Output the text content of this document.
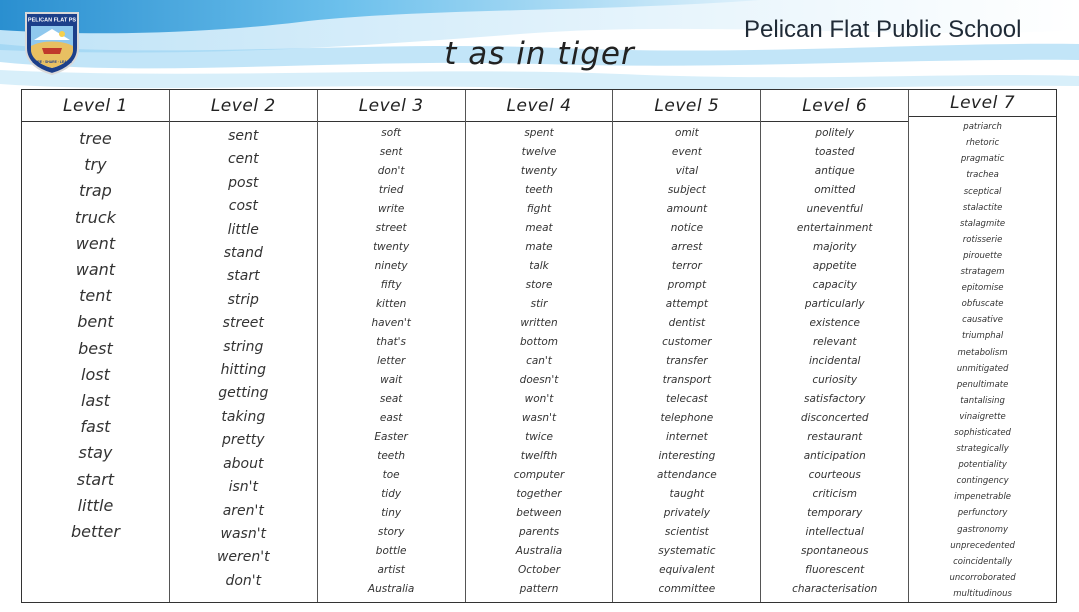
PELICAN FLAT PS
CARE · SHARE · LEARN
Pelican Flat Public School
t as in tiger
Level 1
tree
try
trap
truck
went
want
tent
bent
best
lost
last
fast
stay
start
little
better
Level 2
sent
cent
post
cost
little
stand
start
strip
street
string
hitting
getting
taking
pretty
about
isn't
aren't
wasn't
weren't
don't
Level 3
soft
sent
don't
tried
write
street
twenty
ninety
fifty
kitten
haven't
that's
letter
wait
seat
east
Easter
teeth
toe
tidy
tiny
story
bottle
artist
Australia
Level 4
spent
twelve
twenty
teeth
fight
meat
mate
talk
store
stir
written
bottom
can't
doesn't
won't
wasn't
twice
twelfth
computer
together
between
parents
Australia
October
pattern
Level 5
omit
event
vital
subject
amount
notice
arrest
terror
prompt
attempt
dentist
customer
transfer
transport
telecast
telephone
internet
interesting
attendance
taught
privately
scientist
systematic
equivalent
committee
Level 6
politely
toasted
antique
omitted
uneventful
entertainment
majority
appetite
capacity
particularly
existence
relevant
incidental
curiosity
satisfactory
disconcerted
restaurant
anticipation
courteous
criticism
temporary
intellectual
spontaneous
fluorescent
characterisation
Level 7
patriarch
rhetoric
pragmatic
trachea
sceptical
stalactite
stalagmite
rotisserie
pirouette
stratagem
epitomise
obfuscate
causative
triumphal
metabolism
unmitigated
penultimate
tantalising
vinaigrette
sophisticated
strategically
potentiality
contingency
impenetrable
perfunctory
gastronomy
unprecedented
coincidentally
uncorroborated
multitudinous
